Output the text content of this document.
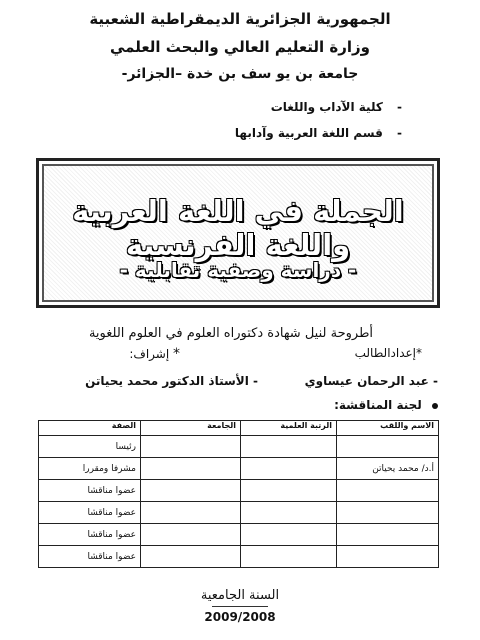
الجمهورية الجزائرية الديمقراطية الشعبية
وزارة التعليم العالي والبحث العلمي
جامعة بن يو سف بن خدة –الجزائر-
- كلية الآداب واللغات
- قسم اللغة العربية وآدابها
الجملة في اللغة العربية واللغة الفرنسية
- دراسة وصفية تقابلية -
أطروحة لنيل شهادة دكتوراه العلوم في العلوم اللغوية
*إعدادالطالب
* إشراف:
- عبد الرحمان عيساوي
- الأستاذ الدكتور محمد يحياتن
لجنة المناقشة:
الاسم واللقب	الرتبة العلمية	الجامعة	الصفة
			رئيسا
أ.د/ محمد يحياتن			مشرفا ومقررا
			عضوا مناقشا
			عضوا مناقشا
			عضوا مناقشا
			عضوا مناقشا
السنة الجامعية
2009/2008
